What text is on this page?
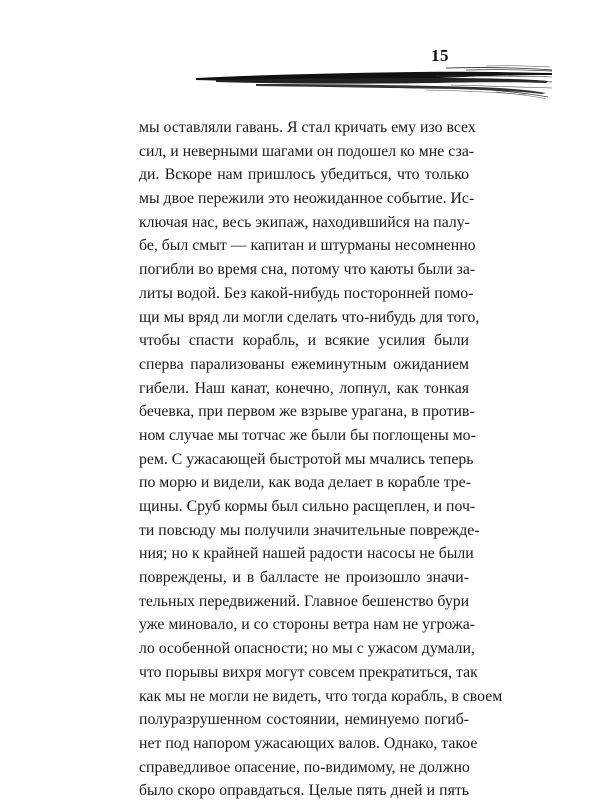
15
мы оставляли гавань. Я стал кричать ему изо всех
сил, и неверными шагами он подошел ко мне сза-
ди. Вскоре нам пришлось убедиться, что только
мы двое пережили это неожиданное событие. Ис-
ключая нас, весь экипаж, находившийся на палу-
бе, был смыт — капитан и штурманы несомненно
погибли во время сна, потому что каюты были за-
литы водой. Без какой-нибудь посторонней помо-
щи мы вряд ли могли сделать что-нибудь для того,
чтобы спасти корабль, и всякие усилия были
сперва парализованы ежеминутным ожиданием
гибели. Наш канат, конечно, лопнул, как тонкая
бечевка, при первом же взрыве урагана, в против-
ном случае мы тотчас же были бы поглощены мо-
рем. С ужасающей быстротой мы мчались теперь
по морю и видели, как вода делает в корабле тре-
щины. Сруб кормы был сильно расщеплен, и поч-
ти повсюду мы получили значительные поврежде-
ния; но к крайней нашей радости насосы не были
повреждены, и в балласте не произошло значи-
тельных передвижений. Главное бешенство бури
уже миновало, и со стороны ветра нам не угрожа-
ло особенной опасности; но мы с ужасом думали,
что порывы вихря могут совсем прекратиться, так
как мы не могли не видеть, что тогда корабль, в своем
полуразрушенном состоянии, неминуемо погиб-
нет под напором ужасающих валов. Однако, такое
справедливое опасение, по-видимому, не должно
было скоро оправдаться. Целые пять дней и пять
